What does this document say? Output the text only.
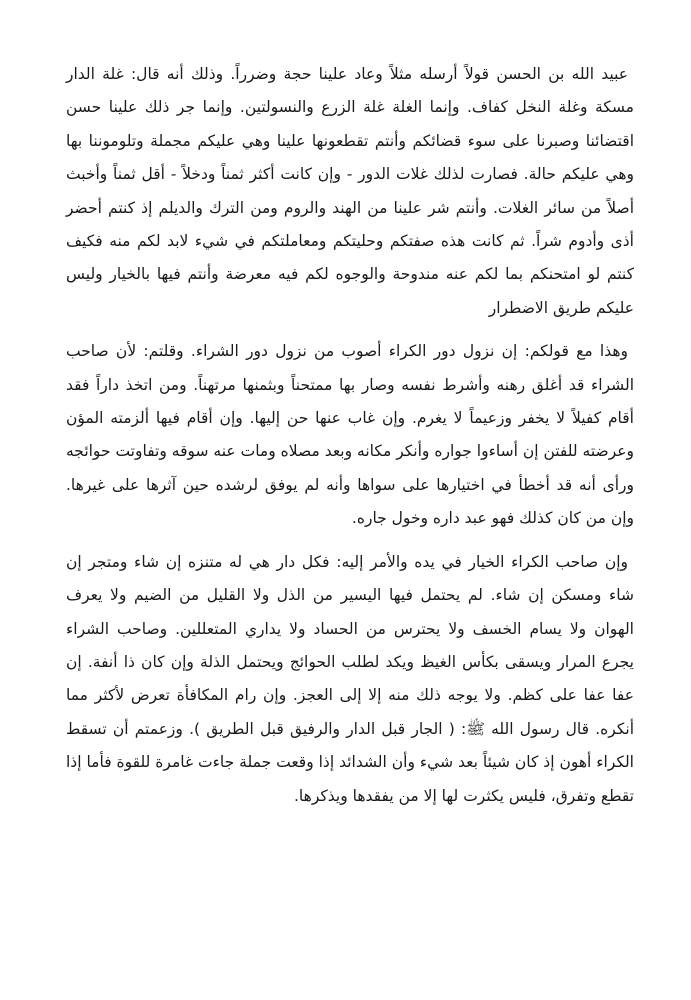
عبيد الله بن الحسن قولاً أرسله مثلاً وعاد علينا حجة وضرراً. وذلك أنه قال: غلة الدار مسكة وغلة النخل كفاف. وإنما الغلة غلة الزرع والنسولتين. وإنما جر ذلك علينا حسن اقتضائنا وصبرنا على سوء قضائكم وأنتم تقطعونها علينا وهي عليكم مجملة وتلوموننا بها وهي عليكم حالة. فصارت لذلك غلات الدور - وإن كانت أكثر ثمناً ودخلاً - أقل ثمناً وأخبث أصلاً من سائر الغلات. وأنتم شر علينا من الهند والروم ومن الترك والديلم إذ كنتم أحضر أذى وأدوم شراً. ثم كانت هذه صفتكم وحليتكم ومعاملتكم في شيء لابد لكم منه فكيف كنتم لو امتحنكم بما لكم عنه مندوحة والوجوه لكم فيه معرضة وأنتم فيها بالخيار وليس عليكم طريق الاضطرار

وهذا مع قولكم: إن نزول دور الكراء أصوب من نزول دور الشراء. وقلتم: لأن صاحب الشراء قد أغلق رهنه وأشرط نفسه وصار بها ممتحناً وبثمنها مرتهناً. ومن اتخذ داراً فقد أقام كفيلاً لا يخفر وزعيماً لا يغرم. وإن غاب عنها حن إليها. وإن أقام فيها ألزمته المؤن وعرضته للفتن إن أساءوا جواره وأنكر مكانه وبعد مصلاه ومات عنه سوقه وتفاوتت حوائجه ورأى أنه قد أخطأ في اختيارها على سواها وأنه لم يوفق لرشده حين آثرها على غيرها. وإن من كان كذلك فهو عبد داره وخول جاره.

وإن صاحب الكراء الخيار في يده والأمر إليه: فكل دار هي له متنزه إن شاء ومتجر إن شاء ومسكن إن شاء. لم يحتمل فيها اليسير من الذل ولا القليل من الضيم ولا يعرف الهوان ولا يسام الخسف ولا يحترس من الحساد ولا يداري المتعللين. وصاحب الشراء يجرع المرار ويسقى بكأس الغيظ ويكد لطلب الحوائج ويحتمل الذلة وإن كان ذا أنفة. إن عفا عفا على كظم. ولا يوجه ذلك منه إلا إلى العجز. وإن رام المكافأة تعرض لأكثر مما أنكره. قال رسول الله ﷺ: ( الجار قبل الدار والرفيق قبل الطريق ). وزعمتم أن تسقط الكراء أهون إذ كان شيئاً بعد شيء وأن الشدائد إذا وقعت جملة جاءت غامرة للقوة فأما إذا تقطع وتفرق، فليس يكثرت لها إلا من يفقدها ويذكرها.
